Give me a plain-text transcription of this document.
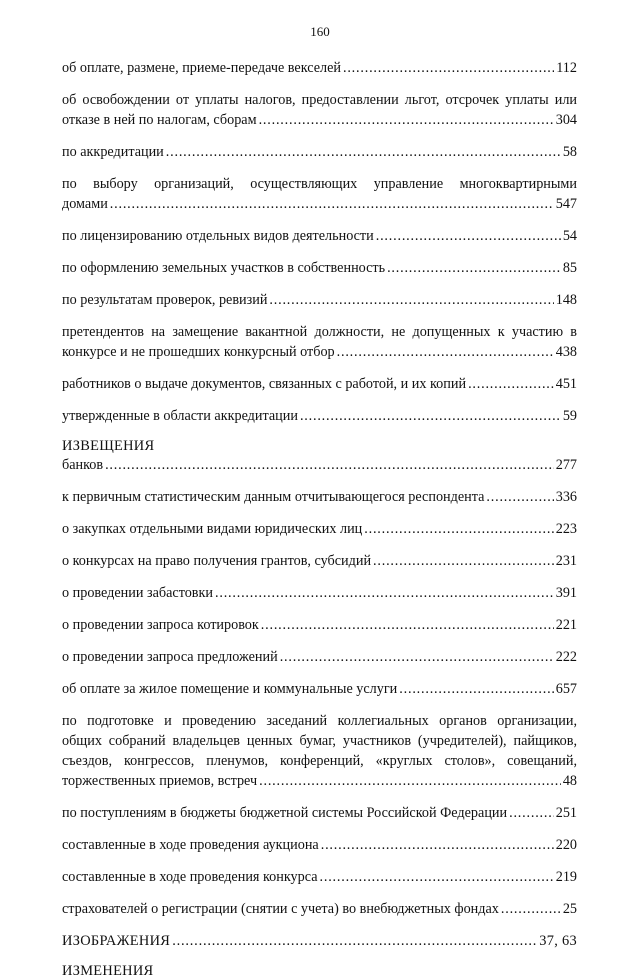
160
об оплате, размене, приеме-передаче векселей .....	112
об освобождении от уплаты налогов, предоставлении льгот, отсрочек уплаты или
отказе в ней по налогам, сборам .....	304
по аккредитации .....	58
по выбору организаций, осуществляющих управление многоквартирными
домами .....	547
по лицензированию отдельных видов деятельности .....	54
по оформлению земельных участков в собственность .....	85
по результатам проверок, ревизий .....	148
претендентов на замещение вакантной должности, не допущенных к участию в
конкурсе и не прошедших конкурсный отбор .....	438
работников о выдаче документов, связанных с работой, и их копий .....	451
утвержденные в области аккредитации .....	59
ИЗВЕЩЕНИЯ
банков .....	277
к первичным статистическим данным отчитывающегося респондента .....	336
о закупках отдельными видами юридических лиц .....	223
о конкурсах на право получения грантов, субсидий .....	231
о проведении забастовки .....	391
о проведении запроса котировок .....	221
о проведении запроса предложений .....	222
об оплате за жилое помещение и коммунальные услуги .....	657
по подготовке и проведению заседаний коллегиальных органов организации,
общих собраний владельцев ценных бумаг, участников (учредителей), пайщиков,
съездов, конгрессов, пленумов, конференций, «круглых столов», совещаний,
торжественных приемов, встреч .....	48
по поступлениям в бюджеты бюджетной системы Российской Федерации .....	251
составленные в ходе проведения аукциона .....	220
составленные в ходе проведения конкурса .....	219
страхователей о регистрации (снятии с учета) во внебюджетных фондах .....	25
ИЗОБРАЖЕНИЯ .....	37, 63
ИЗМЕНЕНИЯ
